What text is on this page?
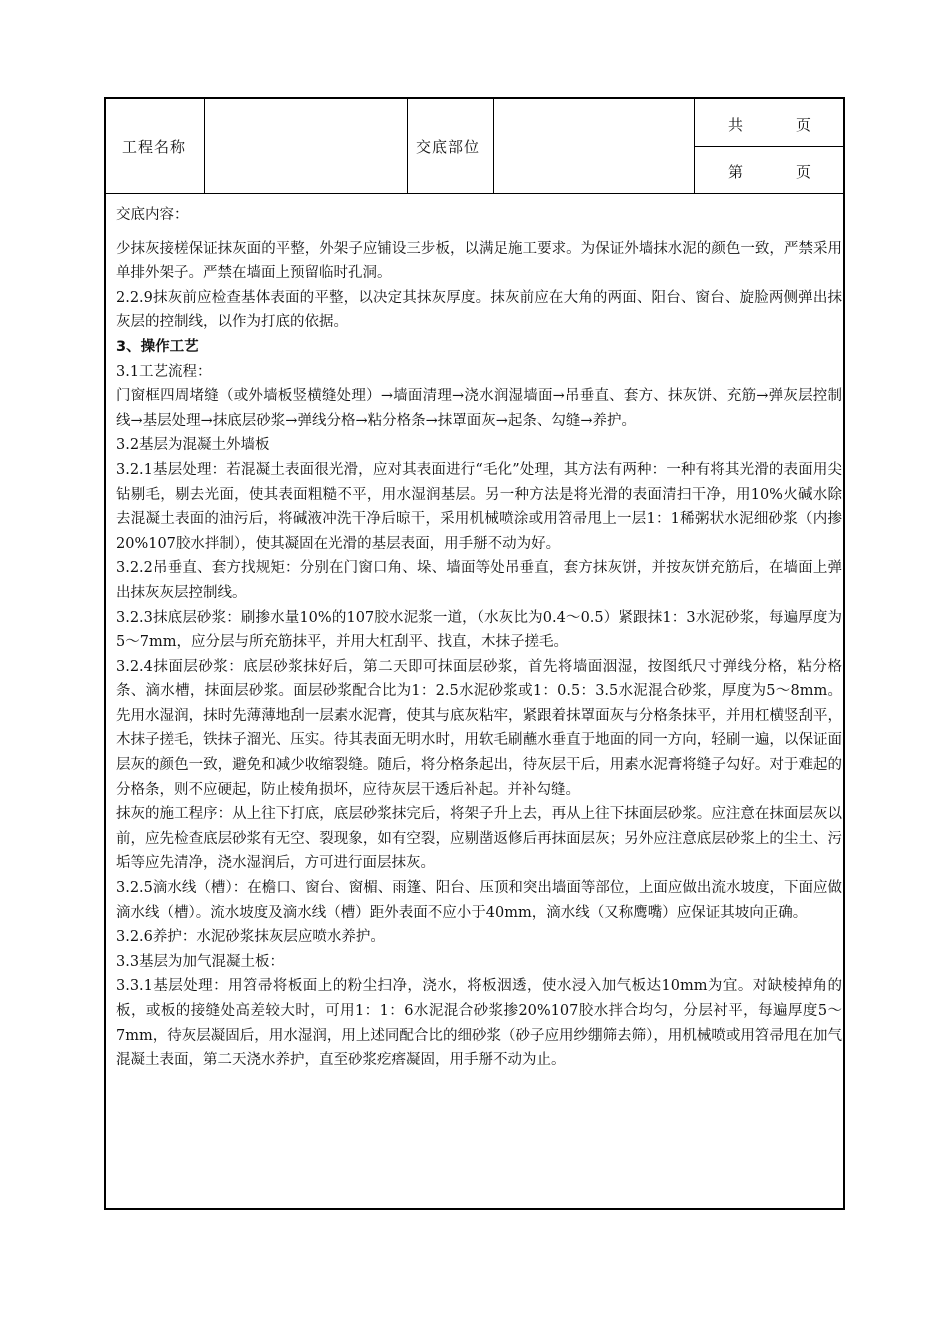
工程名称	交底部位
共	页
第	页

交底内容：

少抹灰接槎保证抹灰面的平整，外架子应铺设三步板，以满足施工要求。为保证外墙抹水泥的颜色一致，严禁采用单排外架子。严禁在墙面上预留临时孔洞。

2.2.9抹灰前应检查基体表面的平整，以决定其抹灰厚度。抹灰前应在大角的两面、阳台、窗台、旋脸两侧弹出抹灰层的控制线，以作为打底的依据。

3、操作工艺

3.1工艺流程：

门窗框四周堵缝（或外墙板竖横缝处理）→墙面清理→浇水润湿墙面→吊垂直、套方、抹灰饼、充筋→弹灰层控制线→基层处理→抹底层砂浆→弹线分格→粘分格条→抹罩面灰→起条、勾缝→养护。

3.2基层为混凝土外墙板

3.2.1基层处理：若混凝土表面很光滑，应对其表面进行“毛化”处理，其方法有两种：一种有将其光滑的表面用尖钻剔毛，剔去光面，使其表面粗糙不平，用水湿润基层。另一种方法是将光滑的表面清扫干净，用10%火碱水除去混凝土表面的油污后，将碱液冲洗干净后晾干，采用机械喷涂或用笤帚甩上一层1：1稀粥状水泥细砂浆（内掺20%107胶水拌制），使其凝固在光滑的基层表面，用手掰不动为好。

3.2.2吊垂直、套方找规矩：分别在门窗口角、垛、墙面等处吊垂直，套方抹灰饼，并按灰饼充筋后，在墙面上弹出抹灰灰层控制线。

3.2.3抹底层砂浆：刷掺水量10%的107胶水泥浆一道，（水灰比为0.4～0.5）紧跟抹1：3水泥砂浆，每遍厚度为5～7mm，应分层与所充筋抹平，并用大杠刮平、找直，木抹子搓毛。

3.2.4抹面层砂浆：底层砂浆抹好后，第二天即可抹面层砂浆，首先将墙面洇湿，按图纸尺寸弹线分格，粘分格条、滴水槽，抹面层砂浆。面层砂浆配合比为1：2.5水泥砂浆或1：0.5：3.5水泥混合砂浆，厚度为5～8mm。先用水湿润，抹时先薄薄地刮一层素水泥膏，使其与底灰粘牢，紧跟着抹罩面灰与分格条抹平，并用杠横竖刮平，木抹子搓毛，铁抹子溜光、压实。待其表面无明水时，用软毛刷蘸水垂直于地面的同一方向，轻刷一遍，以保证面层灰的颜色一致，避免和减少收缩裂缝。随后，将分格条起出，待灰层干后，用素水泥膏将缝子勾好。对于难起的分格条，则不应硬起，防止棱角损坏，应待灰层干透后补起。并补勾缝。

抹灰的施工程序：从上往下打底，底层砂浆抹完后，将架子升上去，再从上往下抹面层砂浆。应注意在抹面层灰以前，应先检查底层砂浆有无空、裂现象，如有空裂，应剔凿返修后再抹面层灰；另外应注意底层砂浆上的尘土、污垢等应先清净，浇水湿润后，方可进行面层抹灰。

3.2.5滴水线（槽）：在檐口、窗台、窗楣、雨篷、阳台、压顶和突出墙面等部位，上面应做出流水坡度，下面应做滴水线（槽）。流水坡度及滴水线（槽）距外表面不应小于40mm，滴水线（又称鹰嘴）应保证其坡向正确。

3.2.6养护：水泥砂浆抹灰层应喷水养护。

3.3基层为加气混凝土板：

3.3.1基层处理：用笤帚将板面上的粉尘扫净，浇水，将板洇透，使水浸入加气板达10mm为宜。对缺棱掉角的板，或板的接缝处高差较大时，可用1：1：6水泥混合砂浆掺20%107胶水拌合均匀，分层衬平，每遍厚度5～7mm，待灰层凝固后，用水湿润，用上述同配合比的细砂浆（砂子应用纱绷筛去筛），用机械喷或用笤帚甩在加气混凝土表面，第二天浇水养护，直至砂浆疙瘩凝固，用手掰不动为止。
